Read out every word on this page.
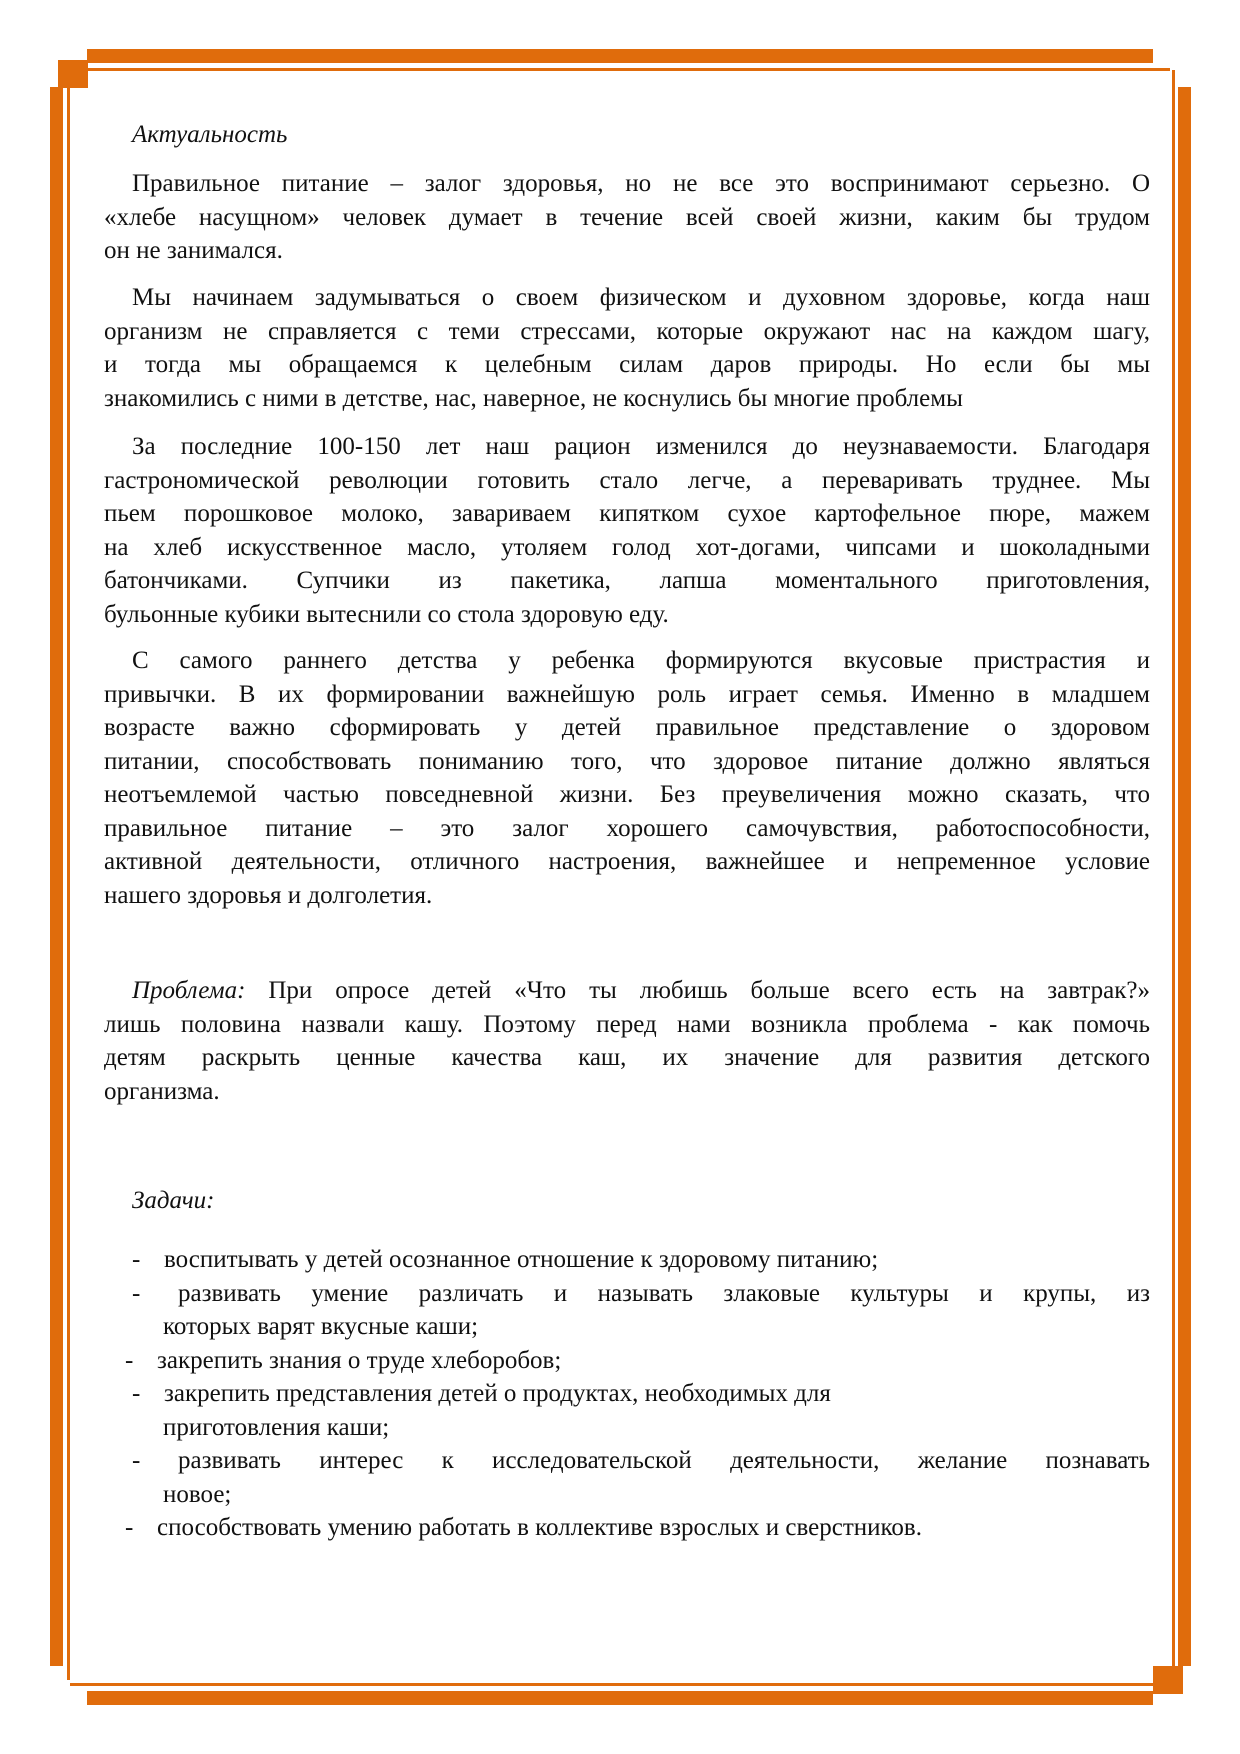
Актуальность
Правильное питание – залог здоровья, но не все это воспринимают серьезно. О
«хлебе насущном» человек думает в течение всей своей жизни, каким бы трудом
он не занимался.
Мы начинаем задумываться о своем физическом и духовном здоровье, когда наш
организм не справляется с теми стрессами, которые окружают нас на каждом шагу,
и тогда мы обращаемся к целебным силам даров природы. Но если бы мы
знакомились с ними в детстве, нас, наверное, не коснулись бы многие проблемы
За последние 100-150 лет наш рацион изменился до неузнаваемости. Благодаря
гастрономической революции готовить стало легче, а переваривать труднее. Мы
пьем порошковое молоко, завариваем кипятком сухое картофельное пюре, мажем
на хлеб искусственное масло, утоляем голод хот-догами, чипсами и шоколадными
батончиками. Супчики из пакетика, лапша моментального приготовления,
бульонные кубики вытеснили со стола здоровую еду.
С самого раннего детства у ребенка формируются вкусовые пристрастия и
привычки. В их формировании важнейшую роль играет семья. Именно в младшем
возрасте важно сформировать у детей правильное представление о здоровом
питании, способствовать пониманию того, что здоровое питание должно являться
неотъемлемой частью повседневной жизни. Без преувеличения можно сказать, что
правильное питание – это залог хорошего самочувствия, работоспособности,
активной деятельности, отличного настроения, важнейшее и непременное условие
нашего здоровья и долголетия.
Проблема: При опросе детей «Что ты любишь больше всего есть на завтрак?»
лишь половина назвали кашу. Поэтому перед нами возникла проблема - как помочь
детям раскрыть ценные качества каш, их значение для развития детского
организма.
Задачи:
- воспитывать у детей осознанное отношение к здоровому питанию;
-	развивать умение различать и называть злаковые культуры и крупы, из
которых варят вкусные каши;
- закрепить знания о труде хлеборобов;
- закрепить представления детей о продуктах, необходимых для
приготовления каши;
-	развивать интерес к исследовательской деятельности, желание познавать
новое;
- способствовать умению работать в коллективе взрослых и сверстников.
